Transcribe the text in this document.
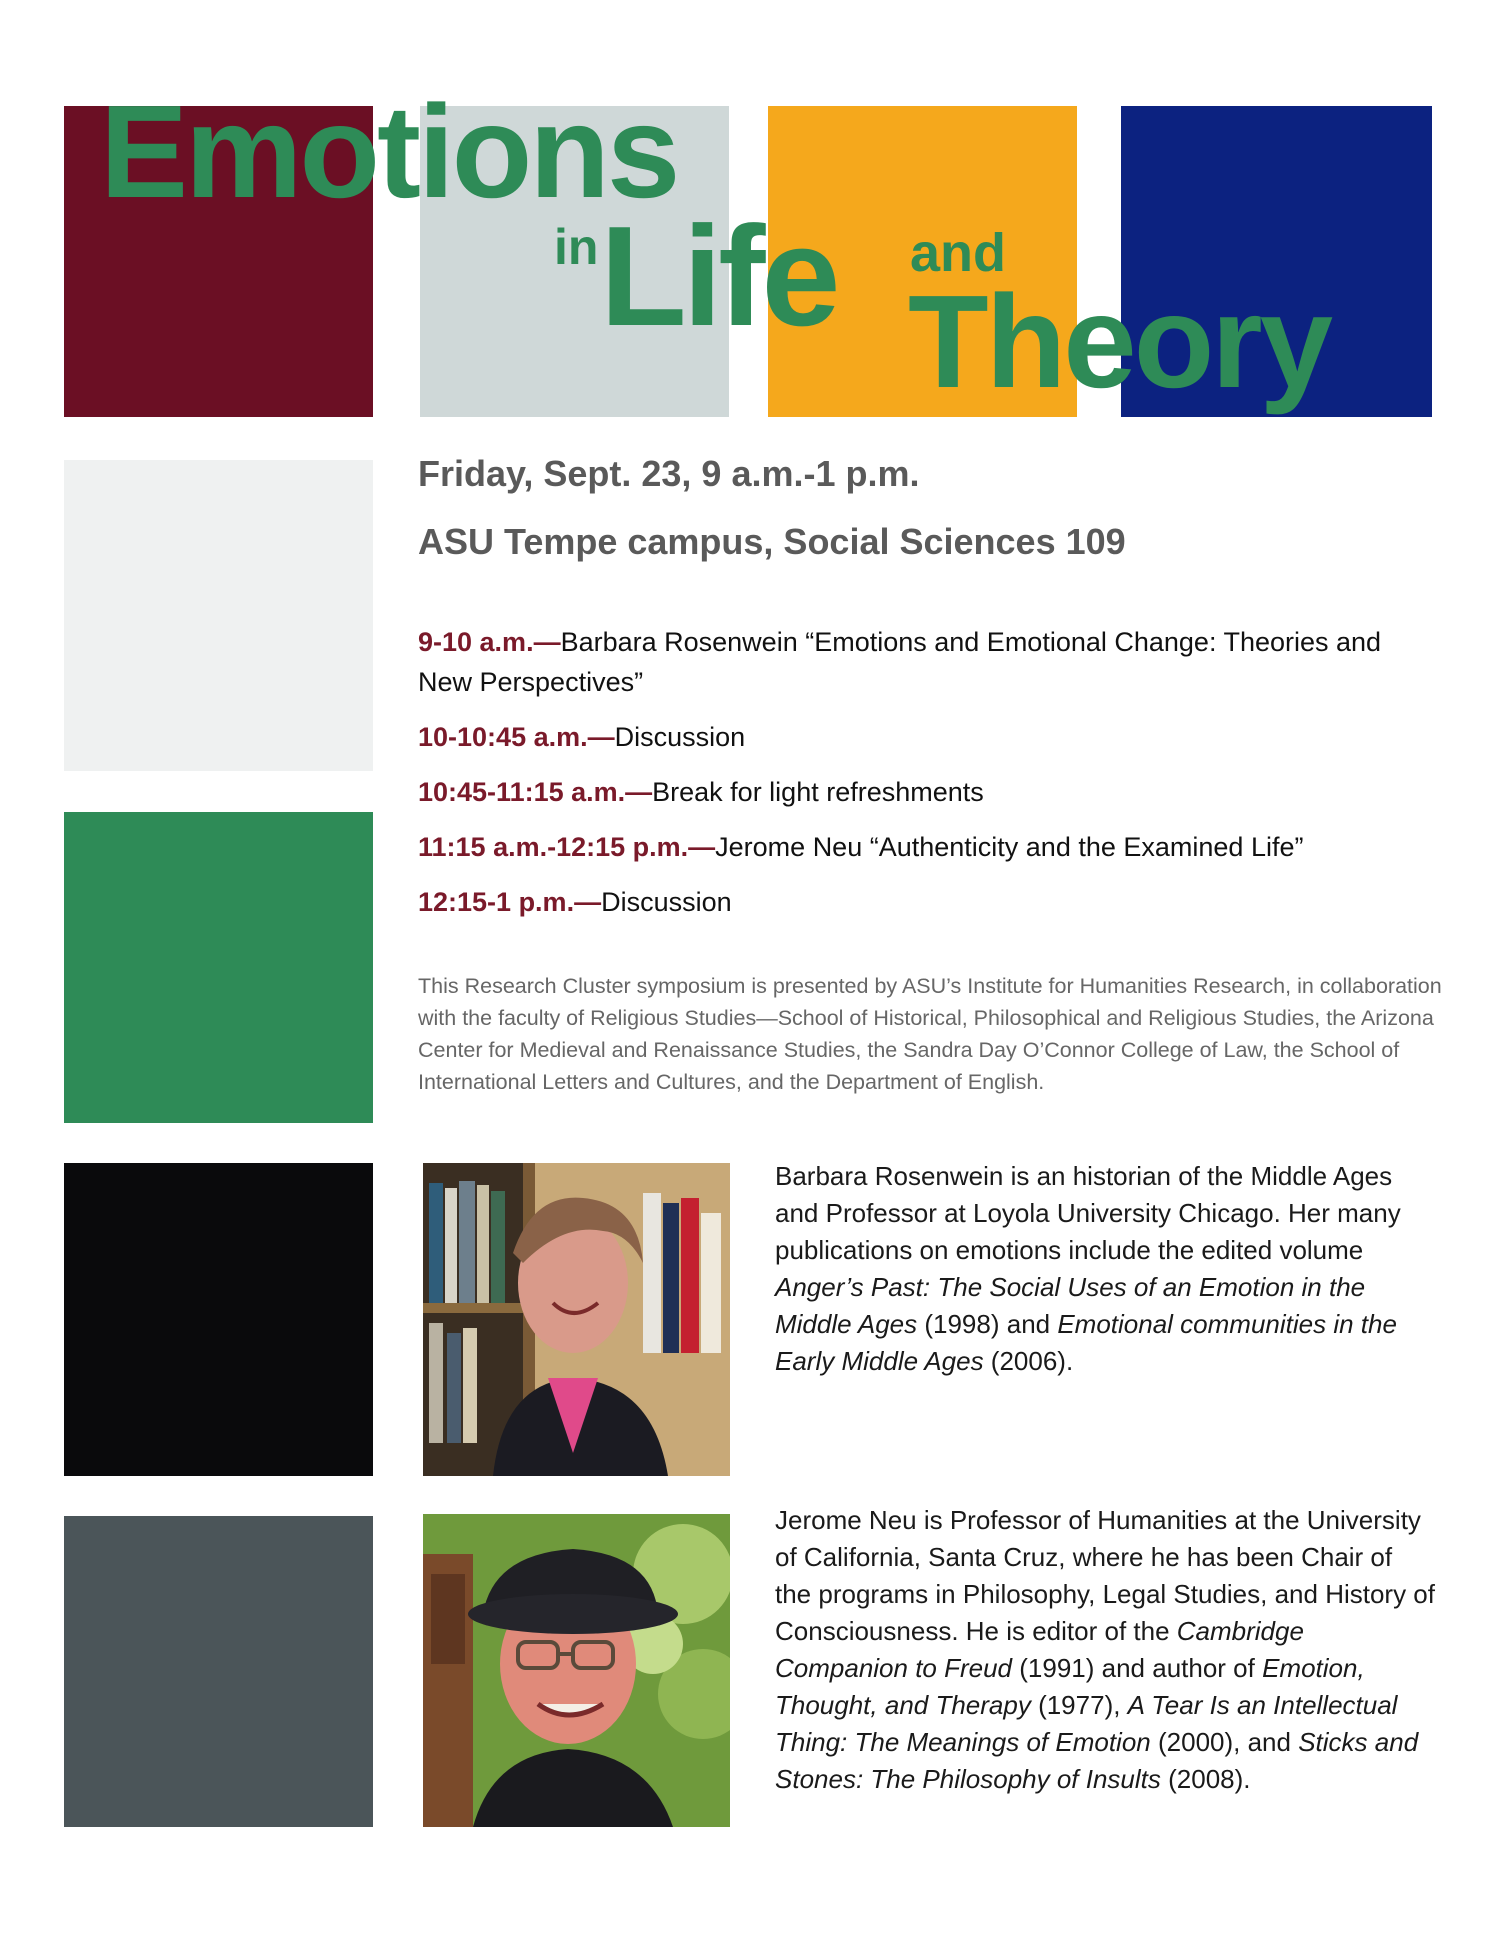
Emotions
in Life and
Theory
Friday, Sept. 23, 9 a.m.-1 p.m.
ASU Tempe campus, Social Sciences 109
9-10 a.m.—Barbara Rosenwein “Emotions and Emotional Change: Theories and New Perspectives”
10-10:45 a.m.—Discussion
10:45-11:15 a.m.—Break for light refreshments
11:15 a.m.-12:15 p.m.—Jerome Neu “Authenticity and the Examined Life”
12:15-1 p.m.—Discussion
This Research Cluster symposium is presented by ASU’s Institute for Humanities Research, in collaboration with the faculty of Religious Studies—School of Historical, Philosophical and Religious Studies, the Arizona Center for Medieval and Renaissance Studies, the Sandra Day O’Connor College of Law, the School of International Letters and Cultures, and the Department of English.
Barbara Rosenwein is an historian of the Middle Ages and Professor at Loyola University Chicago. Her many publications on emotions include the edited volume Anger’s Past: The Social Uses of an Emotion in the Middle Ages (1998) and Emotional communities in the Early Middle Ages (2006).
Jerome Neu is Professor of Humanities at the University of California, Santa Cruz, where he has been Chair of the programs in Philosophy, Legal Studies, and History of Consciousness. He is editor of the Cambridge Companion to Freud (1991) and author of Emotion, Thought, and Therapy (1977), A Tear Is an Intellectual Thing: The Meanings of Emotion (2000), and Sticks and Stones: The Philosophy of Insults (2008).
